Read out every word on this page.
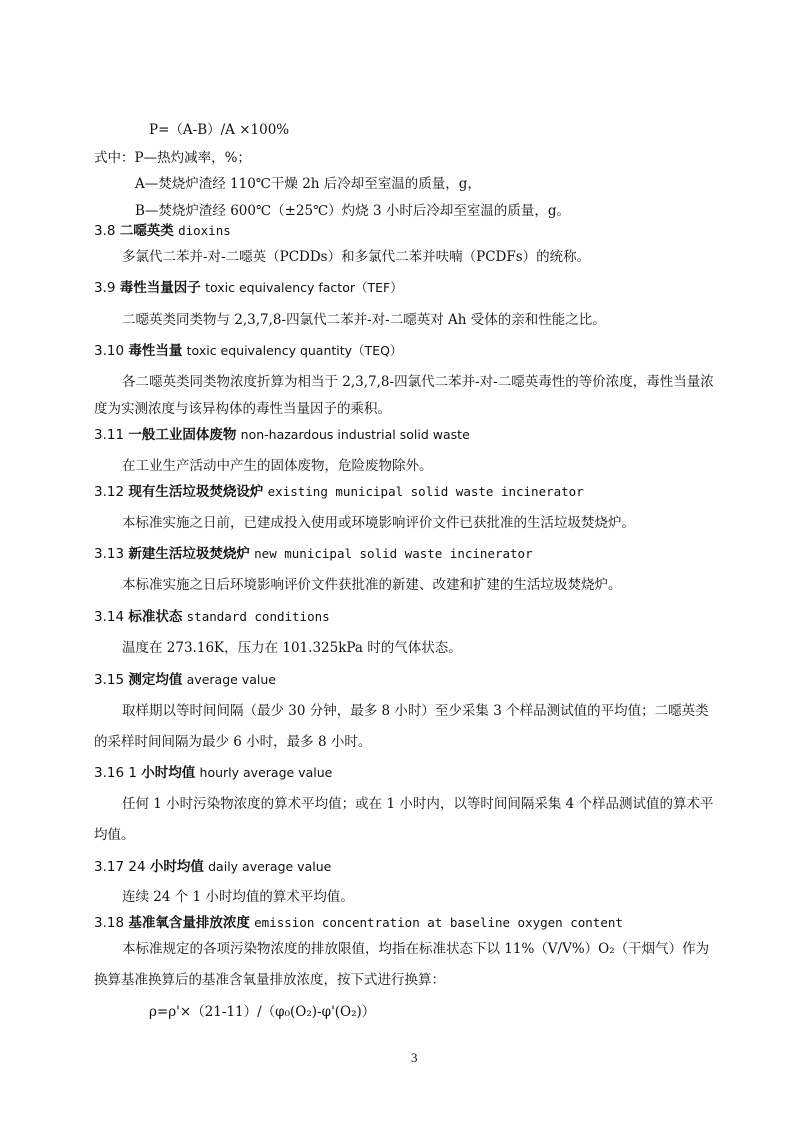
P=（A-B）/A ×100%
式中：P—热灼减率，%；
A—焚烧炉渣经 110℃干燥 2h 后冷却至室温的质量，g，
B—焚烧炉渣经 600℃（±25℃）灼烧 3 小时后冷却至室温的质量，g。
3.8 二噁英类 dioxins
多氯代二苯并-对-二噁英（PCDDs）和多氯代二苯并呋喃（PCDFs）的统称。
3.9 毒性当量因子 toxic equivalency factor（TEF）
二噁英类同类物与 2,3,7,8-四氯代二苯并-对-二噁英对 Ah 受体的亲和性能之比。
3.10 毒性当量 toxic equivalency quantity（TEQ）
各二噁英类同类物浓度折算为相当于 2,3,7,8-四氯代二苯并-对-二噁英毒性的等价浓度，毒性当量浓
度为实测浓度与该异构体的毒性当量因子的乘积。
3.11 一般工业固体废物 non-hazardous industrial solid waste
在工业生产活动中产生的固体废物，危险废物除外。
3.12 现有生活垃圾焚烧设炉 existing municipal solid waste incinerator
本标准实施之日前，已建成投入使用或环境影响评价文件已获批准的生活垃圾焚烧炉。
3.13 新建生活垃圾焚烧炉 new municipal solid waste incinerator
本标准实施之日后环境影响评价文件获批准的新建、改建和扩建的生活垃圾焚烧炉。
3.14 标准状态 standard conditions
温度在 273.16K，压力在 101.325kPa 时的气体状态。
3.15 测定均值 average value
取样期以等时间间隔（最少 30 分钟，最多 8 小时）至少采集 3 个样品测试值的平均值；二噁英类
的采样时间间隔为最少 6 小时，最多 8 小时。
3.16 1 小时均值 hourly average value
任何 1 小时污染物浓度的算术平均值；或在 1 小时内，以等时间间隔采集 4 个样品测试值的算术平
均值。
3.17 24 小时均值 daily average value
连续 24 个 1 小时均值的算术平均值。
3.18 基准氧含量排放浓度 emission concentration at baseline oxygen content
本标准规定的各项污染物浓度的排放限值，均指在标准状态下以 11%（V/V%）O₂（干烟气）作为
换算基准换算后的基准含氧量排放浓度，按下式进行换算：
ρ=ρ'×（21-11）/（φ₀(O₂)-φ'(O₂)）
3
